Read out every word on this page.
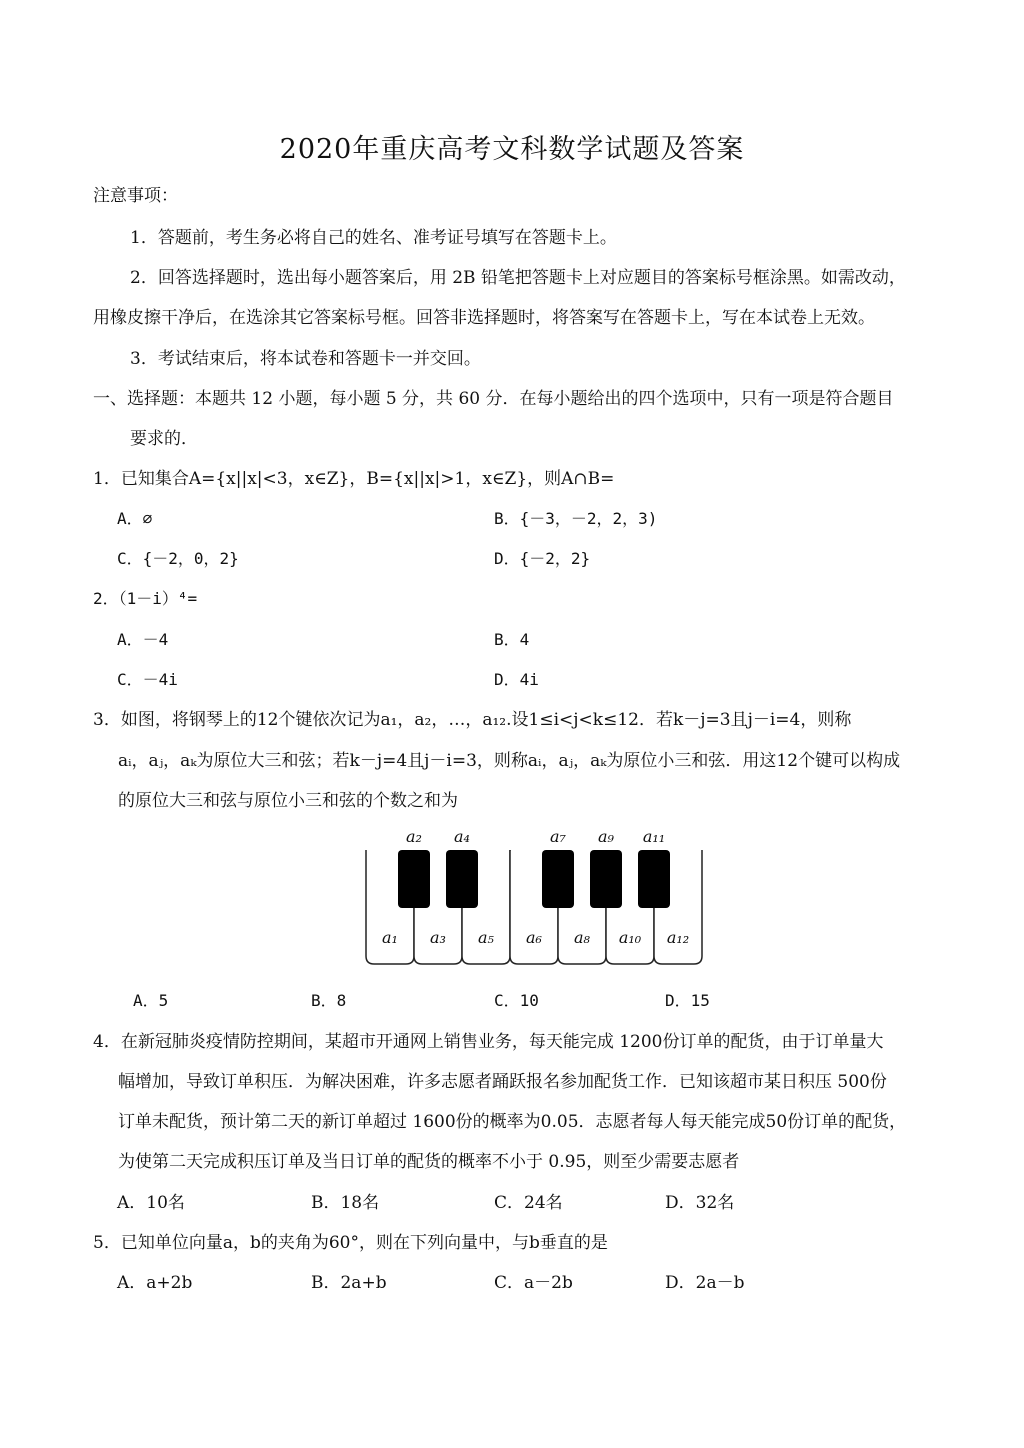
2020年重庆高考文科数学试题及答案
注意事项：
1．答题前，考生务必将自己的姓名、准考证号填写在答题卡上。
2．回答选择题时，选出每小题答案后，用 2B 铅笔把答题卡上对应题目的答案标号框涂黑。如需改动，
用橡皮擦干净后，在选涂其它答案标号框。回答非选择题时，将答案写在答题卡上，写在本试卷上无效。
3．考试结束后，将本试卷和答题卡一并交回。
一、选择题：本题共 12 小题，每小题 5 分，共 60 分．在每小题给出的四个选项中，只有一项是符合题目
要求的．
1．已知集合A={x||x|<3，x∈Z}，B={x||x|>1，x∈Z}，则A∩B=
A．∅	B．{－3，－2，2，3)
C．{－2，0，2}	D．{－2，2}
2．（1－i）⁴=
A．－4	B．4
C．－4i	D．4i
3．如图，将钢琴上的12个键依次记为a₁，a₂，…，a₁₂.设1≤i<j<k≤12．若k－j=3且j－i=4，则称
aᵢ，aⱼ，aₖ为原位大三和弦；若k－j=4且j－i=3，则称aᵢ，aⱼ，aₖ为原位小三和弦．用这12个键可以构成
的原位大三和弦与原位小三和弦的个数之和为
a₂ a₄	a₇ a₉ a₁₁
a₁ a₃ a₅ a₆ a₈ a₁₀ a₁₂
A．5	B．8	C．10	D．15
4．在新冠肺炎疫情防控期间，某超市开通网上销售业务，每天能完成 1200份订单的配货，由于订单量大
幅增加，导致订单积压．为解决困难，许多志愿者踊跃报名参加配货工作．已知该超市某日积压 500份
订单未配货，预计第二天的新订单超过 1600份的概率为0.05．志愿者每人每天能完成50份订单的配货，
为使第二天完成积压订单及当日订单的配货的概率不小于 0.95，则至少需要志愿者
A．10名	B．18名	C．24名	D．32名
5．已知单位向量a，b的夹角为60°，则在下列向量中，与b垂直的是
A．a+2b	B．2a+b	C．a－2b	D．2a－b
